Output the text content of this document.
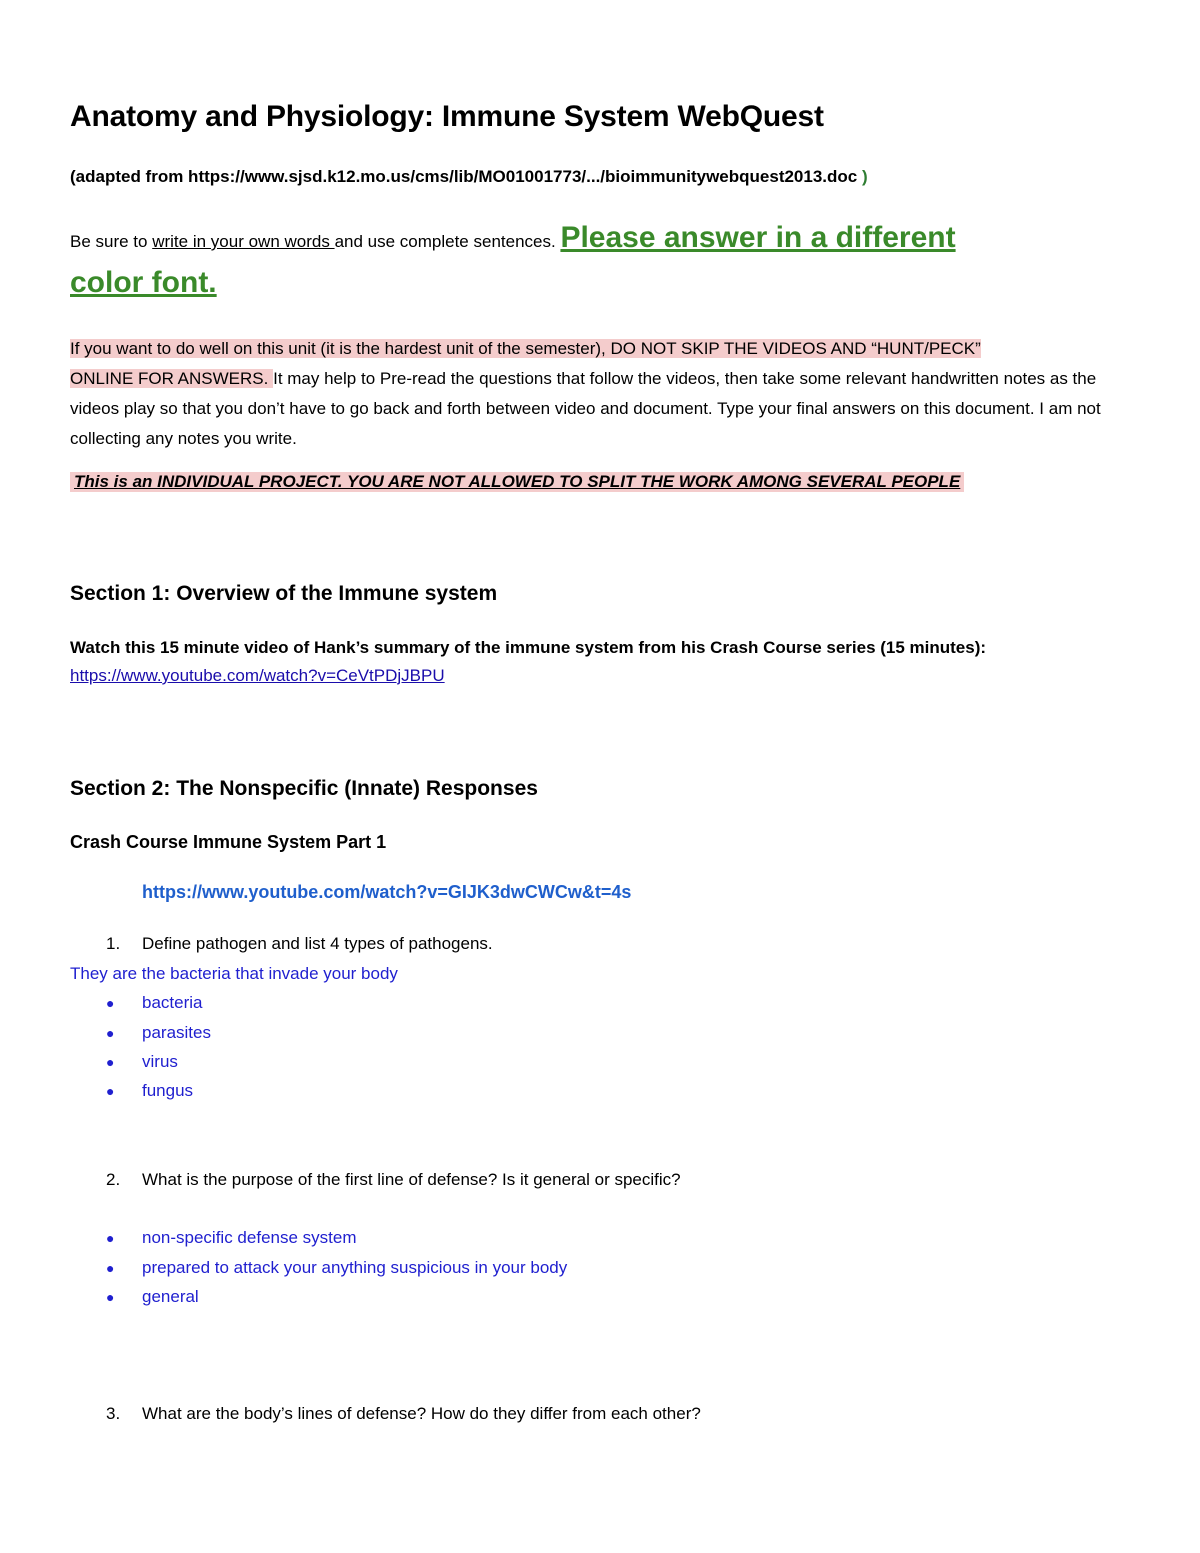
Anatomy and Physiology: Immune System WebQuest
(adapted from https://www.sjsd.k12.mo.us/cms/lib/MO01001773/.../bioimmunitywebquest2013.doc )
Be sure to write in your own words and use complete sentences. Please answer in a different
color font.
If you want to do well on this unit (it is the hardest unit of the semester), DO NOT SKIP THE VIDEOS AND “HUNT/PECK”
ONLINE FOR ANSWERS. It may help to Pre-read the questions that follow the videos, then take some relevant handwritten notes as the videos play so that you don’t have to go back and forth between video and document. Type your final answers on this document. I am not collecting any notes you write.
This is an INDIVIDUAL PROJECT. YOU ARE NOT ALLOWED TO SPLIT THE WORK AMONG SEVERAL PEOPLE
Section 1: Overview of the Immune system
Watch this 15 minute video of Hank’s summary of the immune system from his Crash Course series (15 minutes):
https://www.youtube.com/watch?v=CeVtPDjJBPU
Section 2: The Nonspecific (Innate) Responses
Crash Course Immune System Part 1
https://www.youtube.com/watch?v=GIJK3dwCWCw&t=4s
1. Define pathogen and list 4 types of pathogens.
They are the bacteria that invade your body
● bacteria
● parasites
● virus
● fungus
2. What is the purpose of the first line of defense? Is it general or specific?
● non-specific defense system
● prepared to attack your anything suspicious in your body
● general
3. What are the body’s lines of defense? How do they differ from each other?
